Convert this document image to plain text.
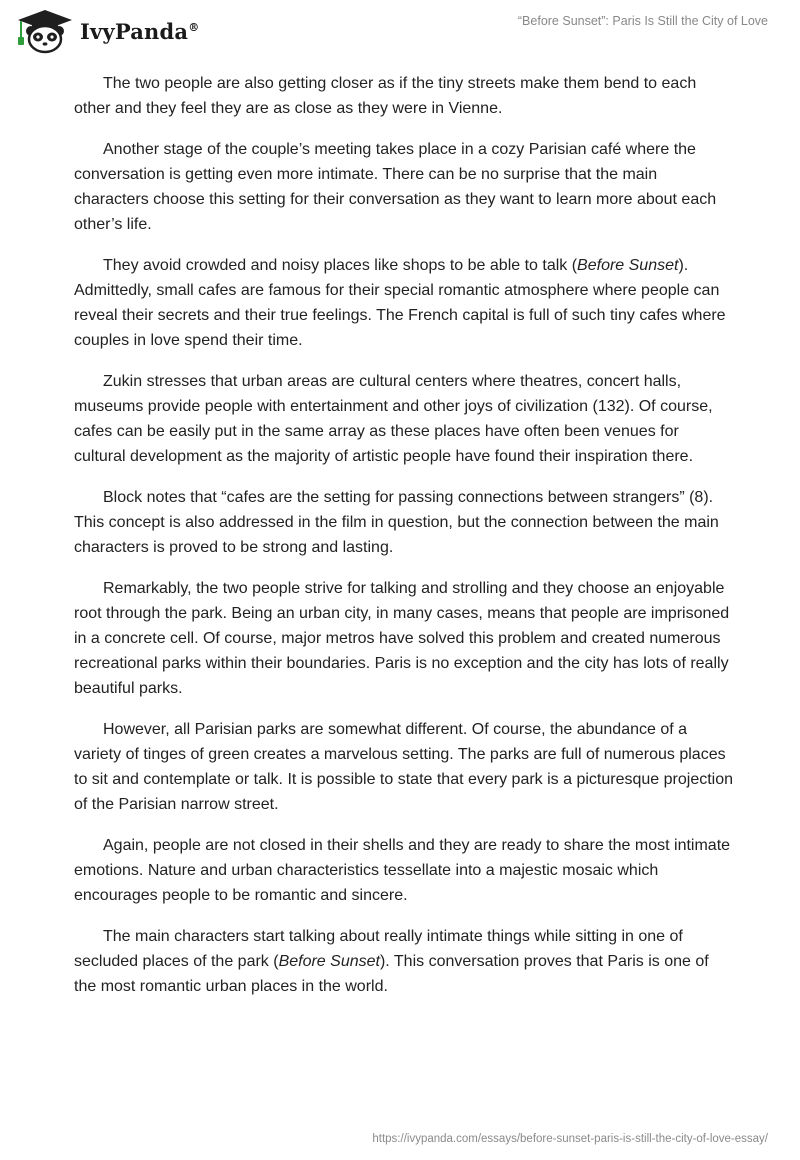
IvyPanda®	“Before Sunset”: Paris Is Still the City of Love

The two people are also getting closer as if the tiny streets make them bend to each other and they feel they are as close as they were in Vienne.

Another stage of the couple’s meeting takes place in a cozy Parisian café where the conversation is getting even more intimate. There can be no surprise that the main characters choose this setting for their conversation as they want to learn more about each other’s life.

They avoid crowded and noisy places like shops to be able to talk (Before Sunset). Admittedly, small cafes are famous for their special romantic atmosphere where people can reveal their secrets and their true feelings. The French capital is full of such tiny cafes where couples in love spend their time.

Zukin stresses that urban areas are cultural centers where theatres, concert halls, museums provide people with entertainment and other joys of civilization (132). Of course, cafes can be easily put in the same array as these places have often been venues for cultural development as the majority of artistic people have found their inspiration there.

Block notes that “cafes are the setting for passing connections between strangers” (8). This concept is also addressed in the film in question, but the connection between the main characters is proved to be strong and lasting.

Remarkably, the two people strive for talking and strolling and they choose an enjoyable root through the park. Being an urban city, in many cases, means that people are imprisoned in a concrete cell. Of course, major metros have solved this problem and created numerous recreational parks within their boundaries. Paris is no exception and the city has lots of really beautiful parks.

However, all Parisian parks are somewhat different. Of course, the abundance of a variety of tinges of green creates a marvelous setting. The parks are full of numerous places to sit and contemplate or talk. It is possible to state that every park is a picturesque projection of the Parisian narrow street.

Again, people are not closed in their shells and they are ready to share the most intimate emotions. Nature and urban characteristics tessellate into a majestic mosaic which encourages people to be romantic and sincere.

The main characters start talking about really intimate things while sitting in one of secluded places of the park (Before Sunset). This conversation proves that Paris is one of the most romantic urban places in the world.

https://ivypanda.com/essays/before-sunset-paris-is-still-the-city-of-love-essay/
